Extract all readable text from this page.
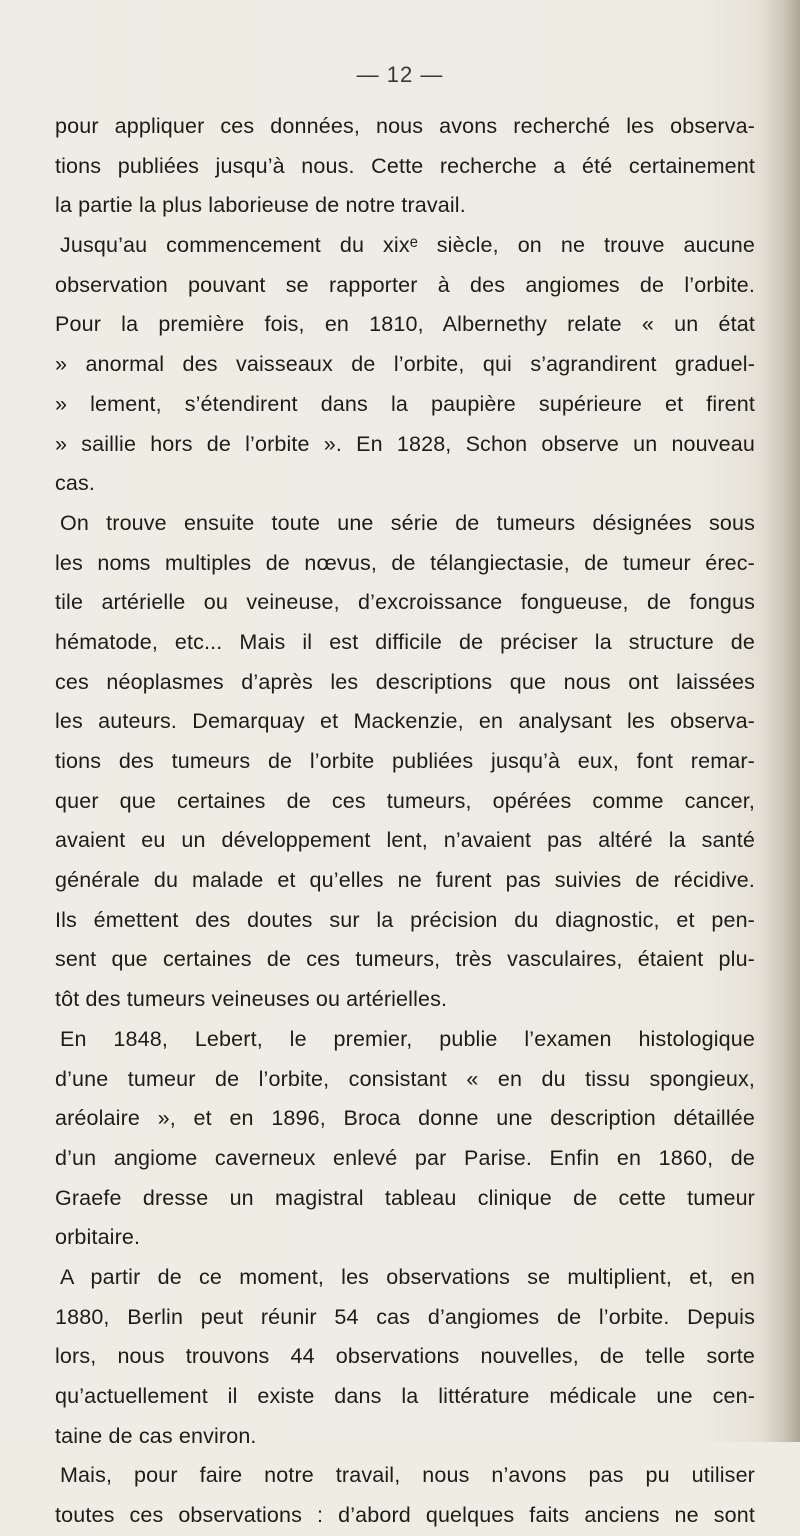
— 12 —
pour appliquer ces données, nous avons recherché les observa-
tions publiées jusqu’à nous. Cette recherche a été certainement
la partie la plus laborieuse de notre travail.
Jusqu’au commencement du xixᵉ siècle, on ne trouve aucune
observation pouvant se rapporter à des angiomes de l’orbite.
Pour la première fois, en 1810, Albernethy relate « un état
» anormal des vaisseaux de l’orbite, qui s’agrandirent graduel-
» lement, s’étendirent dans la paupière supérieure et firent
» saillie hors de l’orbite ». En 1828, Schon observe un nouveau
cas.
On trouve ensuite toute une série de tumeurs désignées sous
les noms multiples de nœvus, de télangiectasie, de tumeur érec-
tile artérielle ou veineuse, d’excroissance fongueuse, de fongus
hématode, etc... Mais il est difficile de préciser la structure de
ces néoplasmes d’après les descriptions que nous ont laissées
les auteurs. Demarquay et Mackenzie, en analysant les observa-
tions des tumeurs de l’orbite publiées jusqu’à eux, font remar-
quer que certaines de ces tumeurs, opérées comme cancer,
avaient eu un développement lent, n’avaient pas altéré la santé
générale du malade et qu’elles ne furent pas suivies de récidive.
Ils émettent des doutes sur la précision du diagnostic, et pen-
sent que certaines de ces tumeurs, très vasculaires, étaient plu-
tôt des tumeurs veineuses ou artérielles.
En 1848, Lebert, le premier, publie l’examen histologique
d’une tumeur de l’orbite, consistant « en du tissu spongieux,
aréolaire », et en 1896, Broca donne une description détaillée
d’un angiome caverneux enlevé par Parise. Enfin en 1860, de
Graefe dresse un magistral tableau clinique de cette tumeur
orbitaire.
A partir de ce moment, les observations se multiplient, et, en
1880, Berlin peut réunir 54 cas d’angiomes de l’orbite. Depuis
lors, nous trouvons 44 observations nouvelles, de telle sorte
qu’actuellement il existe dans la littérature médicale une cen-
taine de cas environ.
Mais, pour faire notre travail, nous n’avons pas pu utiliser
toutes ces observations : d’abord quelques faits anciens ne sont
